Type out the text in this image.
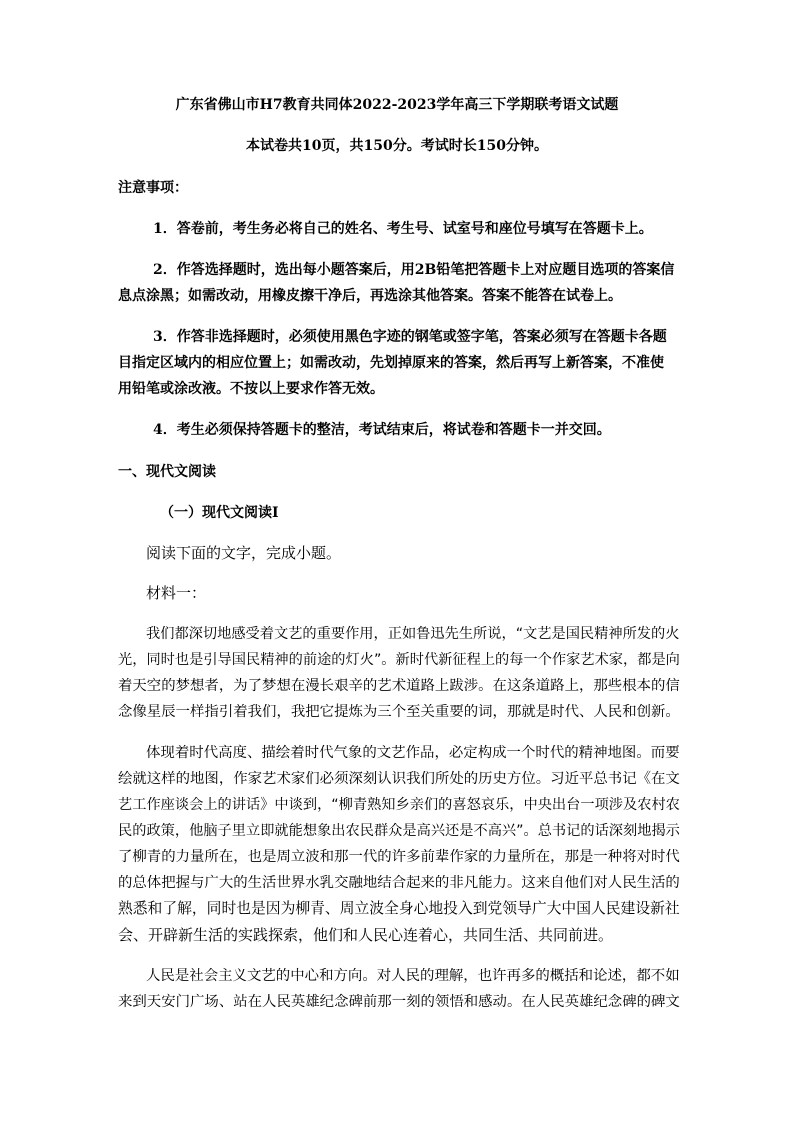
广东省佛山市H7教育共同体2022-2023学年高三下学期联考语文试题
本试卷共10页，共150分。考试时长150分钟。
注意事项：
1．答卷前，考生务必将自己的姓名、考生号、试室号和座位号填写在答题卡上。
2．作答选择题时，选出每小题答案后，用2B铅笔把答题卡上对应题目选项的答案信
息点涂黑；如需改动，用橡皮擦干净后，再选涂其他答案。答案不能答在试卷上。
3．作答非选择题时，必须使用黑色字迹的钢笔或签字笔，答案必须写在答题卡各题
目指定区域内的相应位置上；如需改动，先划掉原来的答案，然后再写上新答案，不准使
用铅笔或涂改液。不按以上要求作答无效。
4．考生必须保持答题卡的整洁，考试结束后，将试卷和答题卡一并交回。
一、现代文阅读
（一）现代文阅读Ⅰ
阅读下面的文字，完成小题。
材料一：
我们都深切地感受着文艺的重要作用，正如鲁迅先生所说，“文艺是国民精神所发的火
光，同时也是引导国民精神的前途的灯火”。新时代新征程上的每一个作家艺术家，都是向
着天空的梦想者，为了梦想在漫长艰辛的艺术道路上跋涉。在这条道路上，那些根本的信
念像星辰一样指引着我们，我把它提炼为三个至关重要的词，那就是时代、人民和创新。
体现着时代高度、描绘着时代气象的文艺作品，必定构成一个时代的精神地图。而要
绘就这样的地图，作家艺术家们必须深刻认识我们所处的历史方位。习近平总书记《在文
艺工作座谈会上的讲话》中谈到，“柳青熟知乡亲们的喜怒哀乐，中央出台一项涉及农村农
民的政策，他脑子里立即就能想象出农民群众是高兴还是不高兴”。总书记的话深刻地揭示
了柳青的力量所在，也是周立波和那一代的许多前辈作家的力量所在，那是一种将对时代
的总体把握与广大的生活世界水乳交融地结合起来的非凡能力。这来自他们对人民生活的
熟悉和了解，同时也是因为柳青、周立波全身心地投入到党领导广大中国人民建设新社
会、开辟新生活的实践探索，他们和人民心连着心，共同生活、共同前进。
人民是社会主义文艺的中心和方向。对人民的理解，也许再多的概括和论述，都不如
来到天安门广场、站在人民英雄纪念碑前那一刻的领悟和感动。在人民英雄纪念碑的碑文
